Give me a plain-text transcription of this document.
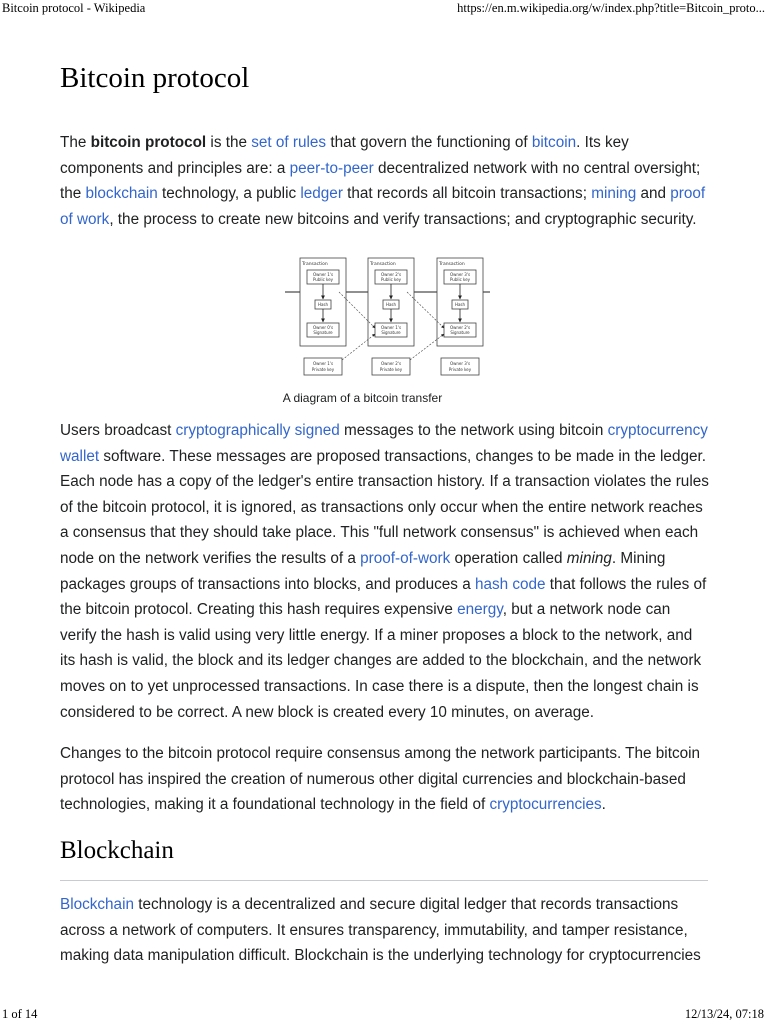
Bitcoin protocol - Wikipedia	https://en.m.wikipedia.org/w/index.php?title=Bitcoin_proto...
Bitcoin protocol

The bitcoin protocol is the set of rules that govern the functioning of bitcoin. Its key components and principles are: a peer-to-peer decentralized network with no central oversight; the blockchain technology, a public ledger that records all bitcoin transactions; mining and proof of work, the process to create new bitcoins and verify transactions; and cryptographic security.

Transaction
Owner 1's
Public key
Hash
Owner 0's
Signature
Transaction
Owner 2's
Public key
Hash
Owner 1's
Signature
Transaction
Owner 3's
Public key
Hash
Owner 2's
Signature
Owner 1's
Private key
Owner 2's
Private key
Owner 3's
Private key
A diagram of a bitcoin transfer

Users broadcast cryptographically signed messages to the network using bitcoin cryptocurrency wallet software. These messages are proposed transactions, changes to be made in the ledger. Each node has a copy of the ledger's entire transaction history. If a transaction violates the rules of the bitcoin protocol, it is ignored, as transactions only occur when the entire network reaches a consensus that they should take place. This "full network consensus" is achieved when each node on the network verifies the results of a proof-of-work operation called mining. Mining packages groups of transactions into blocks, and produces a hash code that follows the rules of the bitcoin protocol. Creating this hash requires expensive energy, but a network node can verify the hash is valid using very little energy. If a miner proposes a block to the network, and its hash is valid, the block and its ledger changes are added to the blockchain, and the network moves on to yet unprocessed transactions. In case there is a dispute, then the longest chain is considered to be correct. A new block is created every 10 minutes, on average.

Changes to the bitcoin protocol require consensus among the network participants. The bitcoin protocol has inspired the creation of numerous other digital currencies and blockchain-based technologies, making it a foundational technology in the field of cryptocurrencies.

Blockchain

Blockchain technology is a decentralized and secure digital ledger that records transactions across a network of computers. It ensures transparency, immutability, and tamper resistance, making data manipulation difficult. Blockchain is the underlying technology for cryptocurrencies

1 of 14	12/13/24, 07:18
